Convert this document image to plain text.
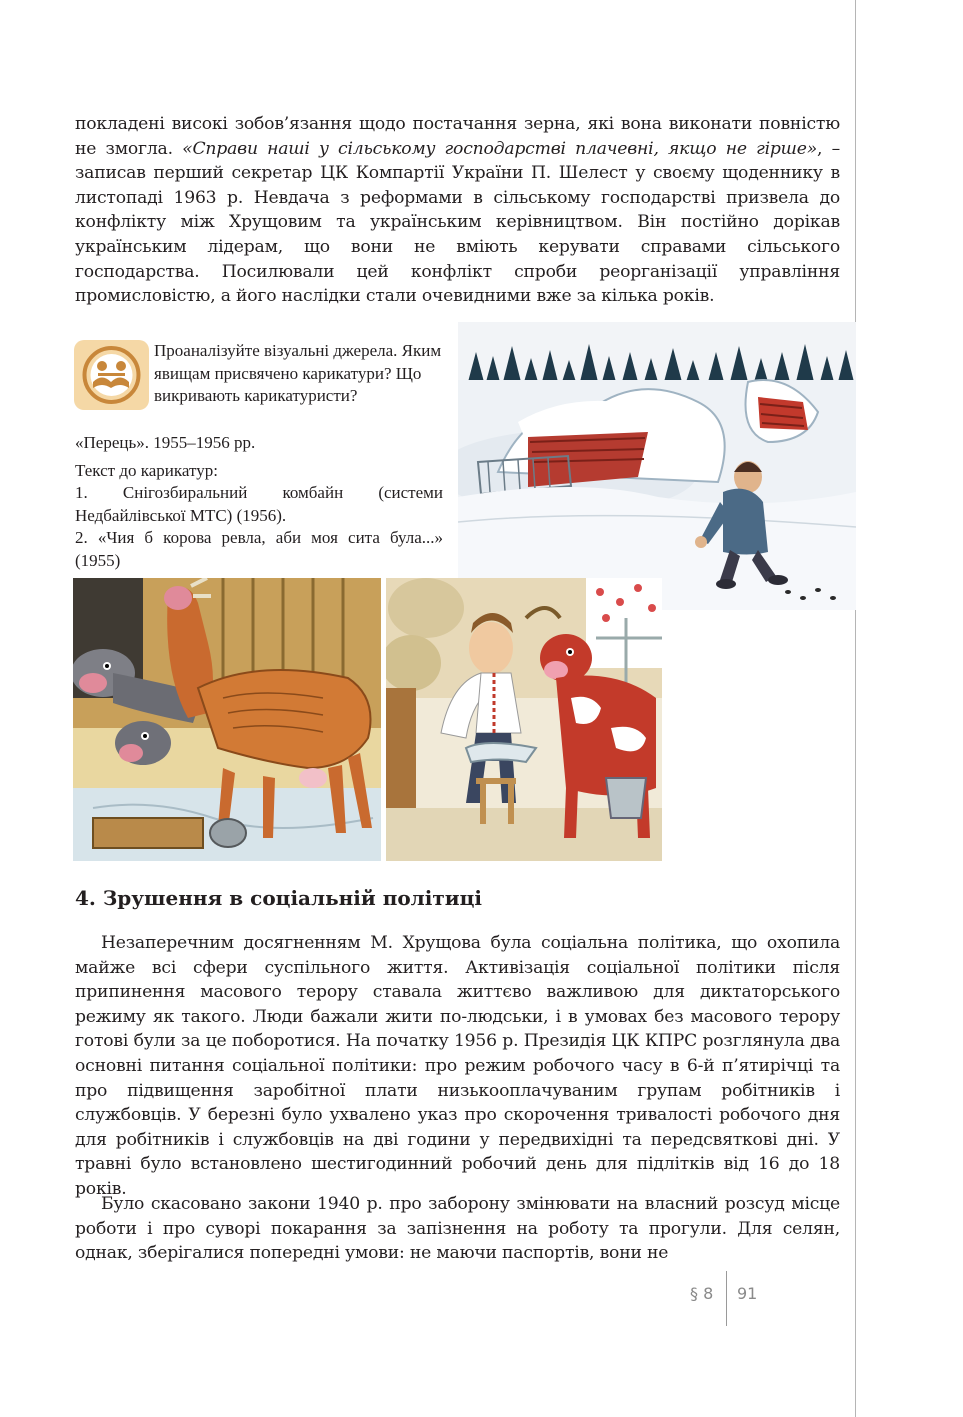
покладені високі зобов’язання щодо постачання зерна, які вона виконати повністю не змогла. «Справи наші у сільському господарстві плачевні, якщо не гірше», – записав перший секретар ЦК Компартії України П. Шелест у своєму щоденнику в листопаді 1963 р. Невдача з реформами в сільському господарстві призвела до конфлікту між Хрущовим та українським керівництвом. Він постійно дорікав українським лідерам, що вони не вміють керувати справами сільського господарства. Посилювали цей конфлікт спроби реорганізації управління промисловістю, а його наслідки стали очевидними вже за кілька років.

Проаналізуйте візуальні джерела. Яким явищам присвячено карикатури? Що викривають карикатуристи?
«Перець». 1955–1956 рр.
Текст до карикатур:
1. Снігозбиральний комбайн (системи Недбайлівської МТС) (1956).
2. «Чия б корова ревла, аби моя сита була...» (1955)
4. Зрушення в соціальній політиці

Незаперечним досягненням М. Хрущова була соціальна політика, що охопила майже всі сфери суспільного життя. Активізація соціальної політики після припинення масового терору ставала життєво важливою для диктаторського режиму як такого. Люди бажали жити по-людськи, і в умовах без масового терору готові були за це поборотися. На початку 1956 р. Президія ЦК КПРС розглянула два основні питання соціальної політики: про режим робочого часу в 6-й п’ятирічці та про підвищення заробітної плати низькооплачуваним групам робітників і службовців. У березні було ухвалено указ про скорочення тривалості робочого дня для робітників і службовців на дві години у передвихідні та передсвяткові дні. У травні було встановлено шестигодинний робочий день для підлітків від 16 до 18 років.

Було скасовано закони 1940 р. про заборону змінювати на власний розсуд місце роботи і про суворі покарання за запізнення на роботу та прогули. Для селян, однак, зберігалися попередні умови: не маючи паспортів, вони не

§ 8 91
